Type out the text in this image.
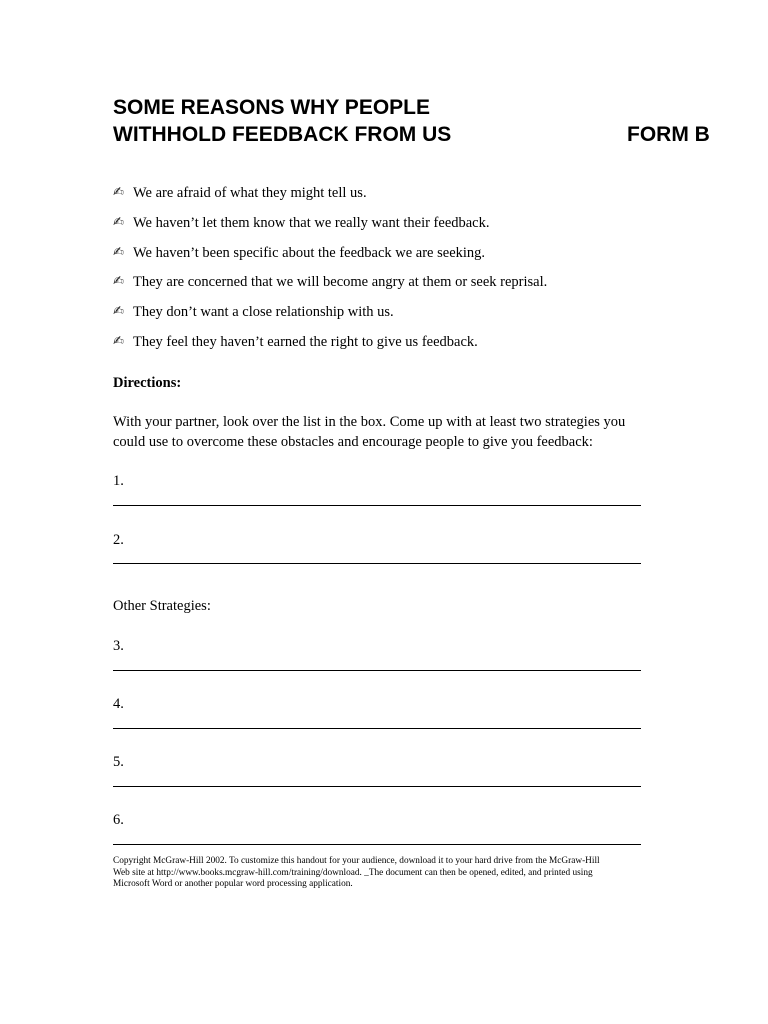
SOME REASONS WHY PEOPLE
WITHHOLD FEEDBACK FROM US	FORM B
✍ We are afraid of what they might tell us.
✍ We haven’t let them know that we really want their feedback.
✍ We haven’t been specific about the feedback we are seeking.
✍ They are concerned that we will become angry at them or seek reprisal.
✍ They don’t want a close relationship with us.
✍ They feel they haven’t earned the right to give us feedback.
Directions:
With your partner, look over the list in the box. Come up with at least two strategies you
could use to overcome these obstacles and encourage people to give you feedback:
1.
2.
Other Strategies:
3.
4.
5.
6.
Copyright McGraw-Hill 2002. To customize this handout for your audience, download it to your hard drive from the McGraw-Hill
Web site at http://www.books.mcgraw-hill.com/training/download. _The document can then be opened, edited, and printed using
Microsoft Word or another popular word processing application.
